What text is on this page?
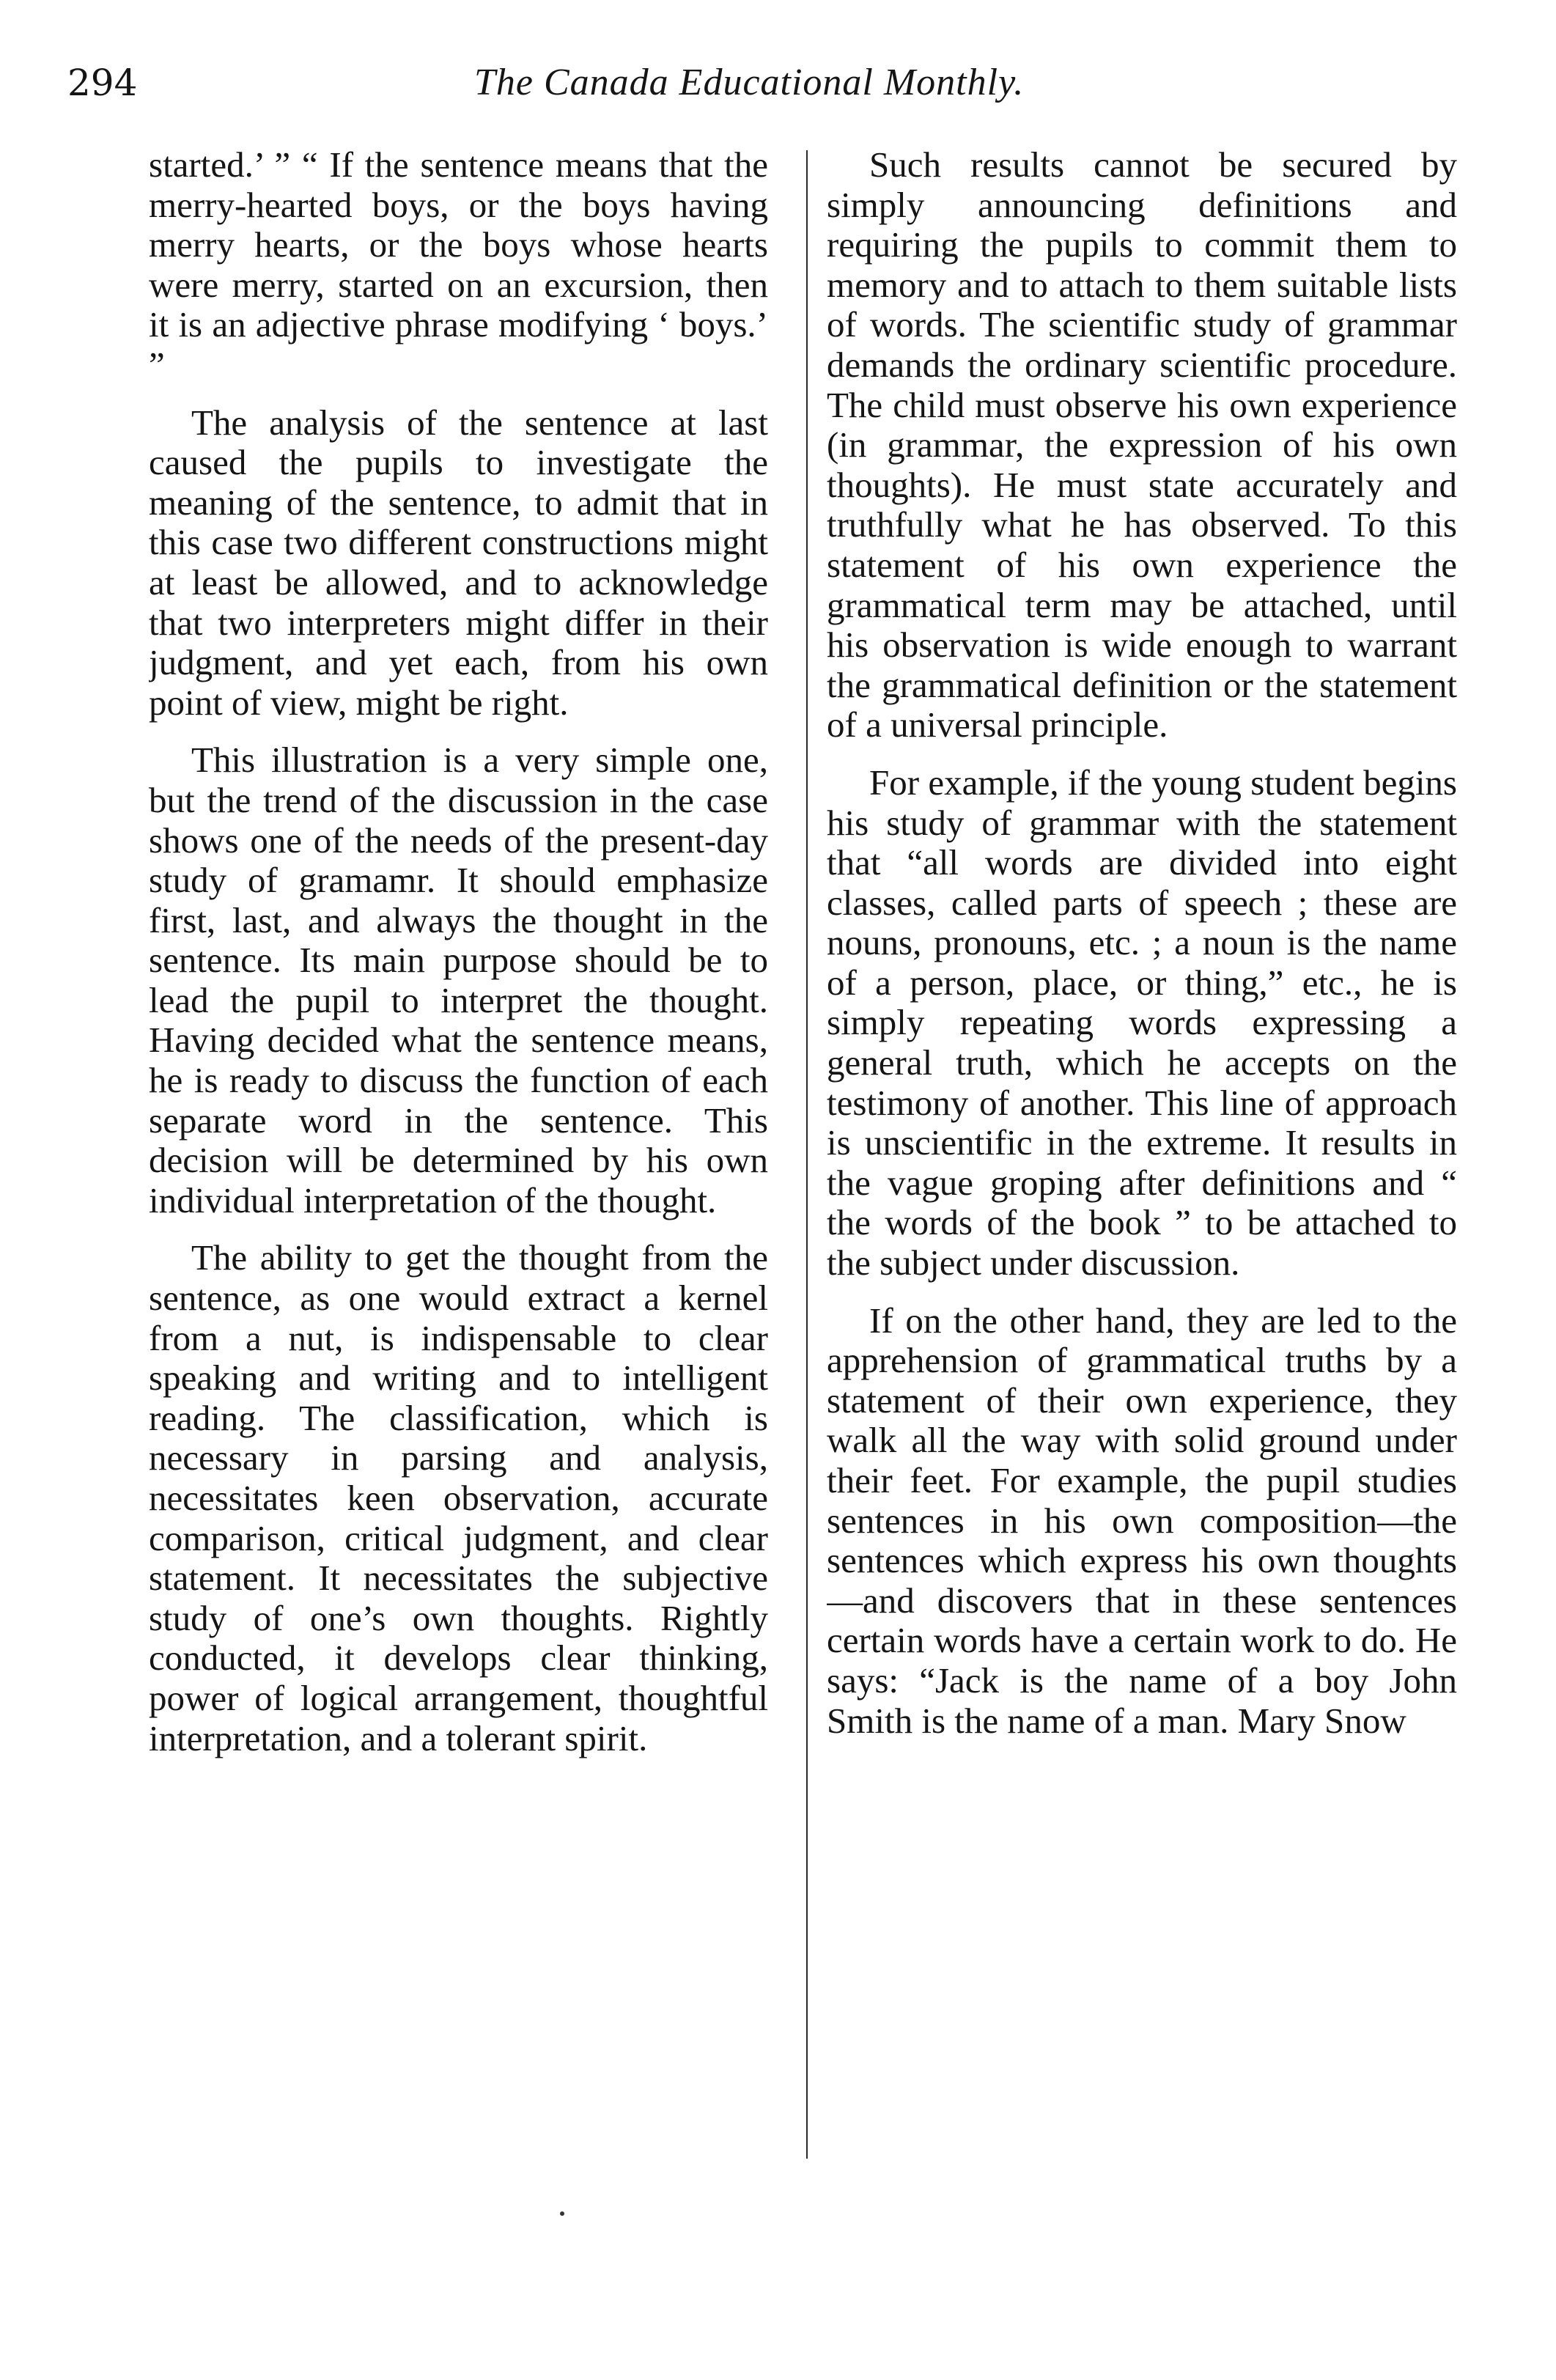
294	The Canada Educational Monthly.

started.’ ” “ If the sentence means that the merry-hearted boys, or the boys having merry hearts, or the boys whose hearts were merry, started on an excursion, then it is an adjective phrase modifying ‘ boys.’ ”

The analysis of the sentence at last caused the pupils to investigate the meaning of the sentence, to admit that in this case two different constructions might at least be allowed, and to acknowledge that two interpreters might differ in their judgment, and yet each, from his own point of view, might be right.

This illustration is a very simple one, but the trend of the discussion in the case shows one of the needs of the present-day study of gramamr. It should emphasize first, last, and always the thought in the sentence. Its main purpose should be to lead the pupil to interpret the thought. Having decided what the sentence means, he is ready to discuss the function of each separate word in the sentence. This decision will be determined by his own individual interpretation of the thought.

The ability to get the thought from the sentence, as one would extract a kernel from a nut, is indispensable to clear speaking and writing and to intelligent reading. The classification, which is necessary in parsing and analysis, necessitates keen observation, accurate comparison, critical judgment, and clear statement. It necessitates the subjective study of one’s own thoughts. Rightly conducted, it develops clear thinking, power of logical arrangement, thoughtful interpretation, and a tolerant spirit.

Such results cannot be secured by simply announcing definitions and requiring the pupils to commit them to memory and to attach to them suitable lists of words. The scientific study of grammar demands the ordinary scientific procedure. The child must observe his own experience (in grammar, the expression of his own thoughts). He must state accurately and truthfully what he has observed. To this statement of his own experience the grammatical term may be attached, until his observation is wide enough to warrant the grammatical definition or the statement of a universal principle.

For example, if the young student begins his study of grammar with the statement that “all words are divided into eight classes, called parts of speech ; these are nouns, pronouns, etc. ; a noun is the name of a person, place, or thing,” etc., he is simply repeating words expressing a general truth, which he accepts on the testimony of another. This line of approach is unscientific in the extreme. It results in the vague groping after definitions and “ the words of the book ” to be attached to the subject under discussion.

If on the other hand, they are led to the apprehension of grammatical truths by a statement of their own experience, they walk all the way with solid ground under their feet. For example, the pupil studies sentences in his own composition—the sentences which express his own thoughts—and discovers that in these sentences certain words have a certain work to do. He says: “Jack is the name of a boy John Smith is the name of a man. Mary Snow
